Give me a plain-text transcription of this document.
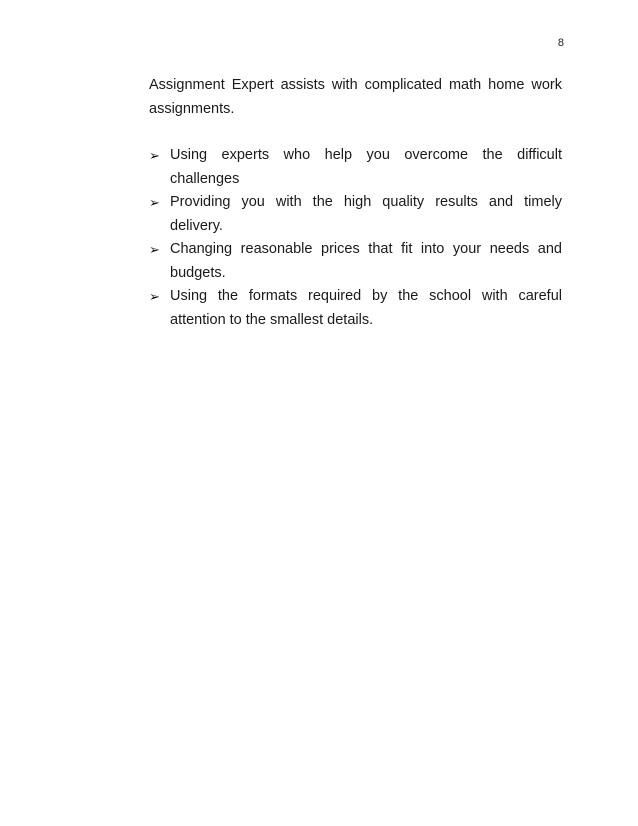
8

Assignment Expert assists with complicated math home work assignments.

➢ Using experts who help you overcome the difficult challenges
➢ Providing you with the high quality results and timely delivery.
➢ Changing reasonable prices that fit into your needs and budgets.
➢ Using the formats required by the school with careful attention to the smallest details.
